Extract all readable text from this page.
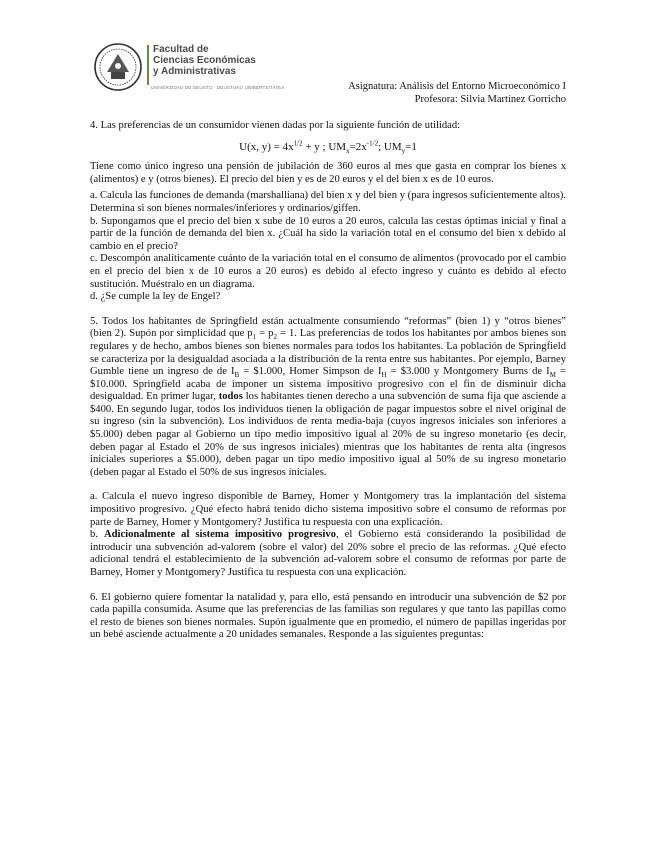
Facultad de
Ciencias Económicas
y Administrativas
UNIVERSIDAD DE DEUSTO · DEUSTUKO UNIBERTSITATEA	Asignatura: Análisis del Entorno Microeconómico I
Profesora: Silvia Martínez Gorricho

4. Las preferencias de un consumidor vienen dadas por la siguiente función de utilidad:

U(x, $y) = 4x^{1/2} + y$ ; $UM_x=2x^{-1/2}$; $UM_y=1$

Tiene como único ingreso una pensión de jubilación de 360 euros al mes que gasta en comprar los bienes x (alimentos) e y (otros bienes). El precio del bien y es de 20 euros y el del bien x es de 10 euros.

a. Calcula las funciones de demanda (marshalliana) del bien x y del bien y (para ingresos suficientemente altos). Determina si son bienes normales/inferiores y ordinarios/giffen.

b. Supongamos que el precio del bien x sube de 10 euros a 20 euros, calcula las cestas óptimas inicial y final a partir de la función de demanda del bien x. ¿Cuál ha sido la variación total en el consumo del bien x debido al cambio en el precio?

c. Descompón analíticamente cuánto de la variación total en el consumo de alimentos (provocado por el cambio en el precio del bien x de 10 euros a 20 euros) es debido al efecto ingreso y cuánto es debido al efecto sustitución. Muéstralo en un diagrama.

d. ¿Se cumple la ley de Engel?

5. Todos los habitantes de Springfield están actualmente consumiendo “reformas” (bien 1) y “otros bienes” (bien 2). Supón por simplicidad que $p_1 = p_2 = 1$. Las preferencias de todos los habitantes por ambos bienes son regulares y de hecho, ambos bienes son bienes normales para todos los habitantes. La población de Springfield se caracteriza por la desigualdad asociada a la distribución de la renta entre sus habitantes. Por ejemplo, Barney Gumble tiene un ingreso de de $I_B$ = $1.000, Homer Simpson de $I_H$ = $3.000 y Montgomery Burns de $I_M$ = $10.000. Springfield acaba de imponer un sistema impositivo progresivo con el fin de disminuir dicha desigualdad. En primer lugar, todos los habitantes tienen derecho a una subvención de suma fija que asciende a $400. En segundo lugar, todos los individuos tienen la obligación de pagar impuestos sobre el nivel original de su ingreso (sin la subvención). Los individuos de renta media-baja (cuyos ingresos iniciales son inferiores a $5.000) deben pagar al Gobierno un tipo medio impositivo igual al 20% de su ingreso monetario (es decir, deben pagar al Estado el 20% de sus ingresos iniciales) mientras que los habitantes de renta alta (ingresos iniciales superiores a $5.000), deben pagar un tipo medio impositivo igual al 50% de su ingreso monetario (deben pagar al Estado el 50% de sus ingresos iniciales.

a. Calcula el nuevo ingreso disponible de Barney, Homer y Montgomery tras la implantación del sistema impositivo progresivo. ¿Qué efecto habrá tenido dicho sistema impositivo sobre el consumo de reformas por parte de Barney, Homer y Montgomery? Justifica tu respuesta con una explicación.

b. Adicionalmente al sistema impositivo progresivo, el Gobierno está considerando la posibilidad de introducir una subvención ad-valorem (sobre el valor) del 20% sobre el precio de las reformas. ¿Qué efecto adicional tendrá el establecimiento de la subvención ad-valorem sobre el consumo de reformas por parte de Barney, Homer y Montgomery? Justifica tu respuesta con una explicación.

6. El gobierno quiere fomentar la natalidad y, para ello, está pensando en introducir una subvención de $2 por cada papilla consumida. Asume que las preferencias de las familias son regulares y que tanto las papillas como el resto de bienes son bienes normales. Supón igualmente que en promedio, el número de papillas ingeridas por un bebé asciende actualmente a 20 unidades semanales. Responde a las siguientes preguntas:
